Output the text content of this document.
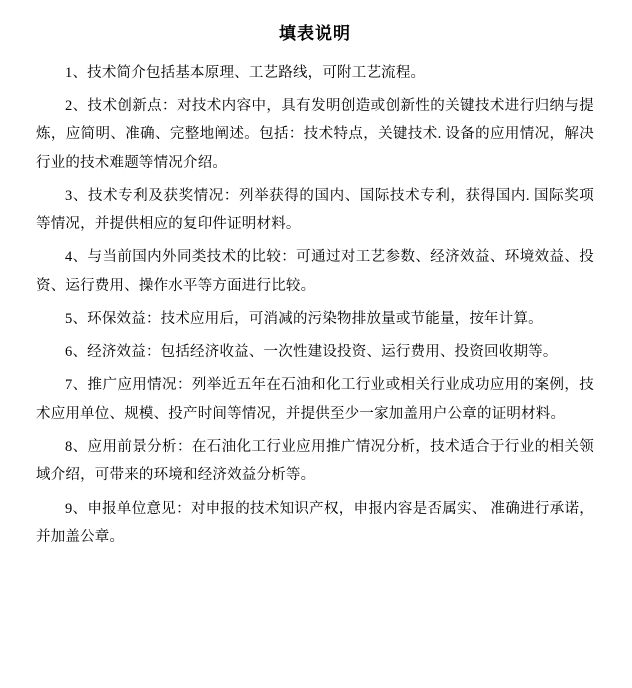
填表说明

1、技术简介包括基本原理、工艺路线，可附工艺流程。

2、技术创新点：对技术内容中，具有发明创造或创新性的关键技术进行归纳与提炼，应简明、准确、完整地阐述。包括：技术特点，关键技术. 设备的应用情况，解决行业的技术难题等情况介绍。

3、技术专利及获奖情况：列举获得的国内、国际技术专利，获得国内. 国际奖项等情况，并提供相应的复印件证明材料。

4、与当前国内外同类技术的比较：可通过对工艺参数、经济效益、环境效益、投资、运行费用、操作水平等方面进行比较。

5、环保效益：技术应用后，可消减的污染物排放量或节能量，按年计算。

6、经济效益：包括经济收益、一次性建设投资、运行费用、投资回收期等。

7、推广应用情况：列举近五年在石油和化工行业或相关行业成功应用的案例，技术应用单位、规模、投产时间等情况，并提供至少一家加盖用户公章的证明材料。

8、应用前景分析：在石油化工行业应用推广情况分析，技术适合于行业的相关领域介绍，可带来的环境和经济效益分析等。

9、申报单位意见：对申报的技术知识产权，申报内容是否属实、 准确进行承诺，并加盖公章。
